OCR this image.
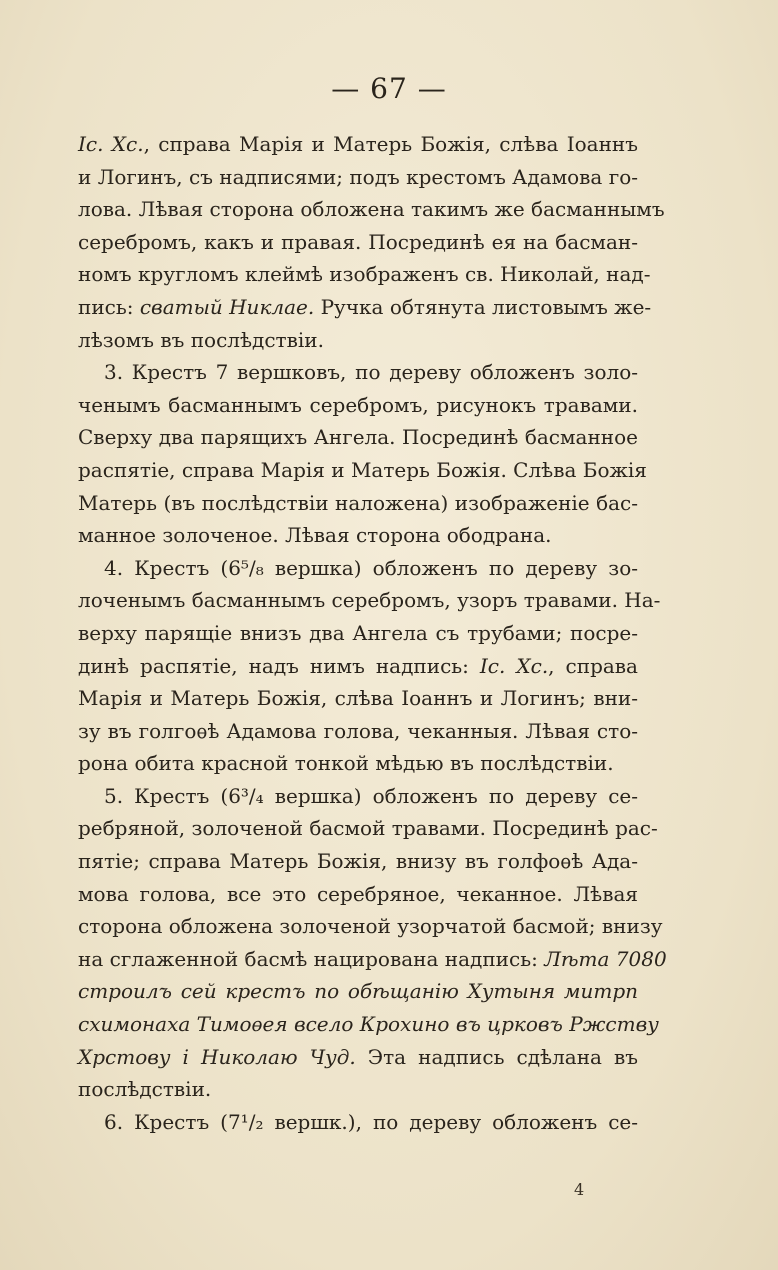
— 67 —
Ic. Xc., справа Марія и Матерь Божія, слѣва Іоаннъ
и Логинъ, съ надписями; подъ крестомъ Адамова го-
лова. Лѣвая сторона обложена такимъ же басманнымъ
серебромъ, какъ и правая. Посрединѣ ея на басман-
номъ кругломъ клеймѣ изображенъ св. Николай, над-
пись: сватый Никлае. Ручка обтянута листовымъ же-
лѣзомъ въ послѣдствіи.
3. Крестъ 7 вершковъ, по дереву обложенъ золо-
ченымъ басманнымъ серебромъ, рисунокъ травами.
Сверху два парящихъ Ангела. Посрединѣ басманное
распятіе, справа Марія и Матерь Божія. Слѣва Божія
Матерь (въ послѣдствіи наложена) изображеніе бас-
манное золоченое. Лѣвая сторона ободрана.
4. Крестъ (6⁵/₈ вершка) обложенъ по дереву зо-
лоченымъ басманнымъ серебромъ, узоръ травами. На-
верху парящіе внизъ два Ангела съ трубами; посре-
динѣ распятіе, надъ нимъ надпись: Ic. Xc., справа
Марія и Матерь Божія, слѣва Іоаннъ и Логинъ; вни-
зу въ голгоѳѣ Адамова голова, чеканныя. Лѣвая сто-
рона обита красной тонкой мѣдью въ послѣдствіи.
5. Крестъ (6³/₄ вершка) обложенъ по дереву се-
ребряной, золоченой басмой травами. Посрединѣ рас-
пятіе; справа Матерь Божія, внизу въ голфоѳѣ Ада-
мова голова, все это серебряное, чеканное. Лѣвая
сторона обложена золоченой узорчатой басмой; внизу
на сглаженной басмѣ нацирована надпись: Лѣта 7080
строилъ сей крестъ по обѣщанію Хутыня митрп
схимонаха Тимоѳея всело Крохино въ црковъ Ржству
Хрстову і Николаю Чуд. Эта надпись сдѣлана въ
послѣдствіи.
6. Крестъ (7¹/₂ вершк.), по дереву обложенъ се-
4
